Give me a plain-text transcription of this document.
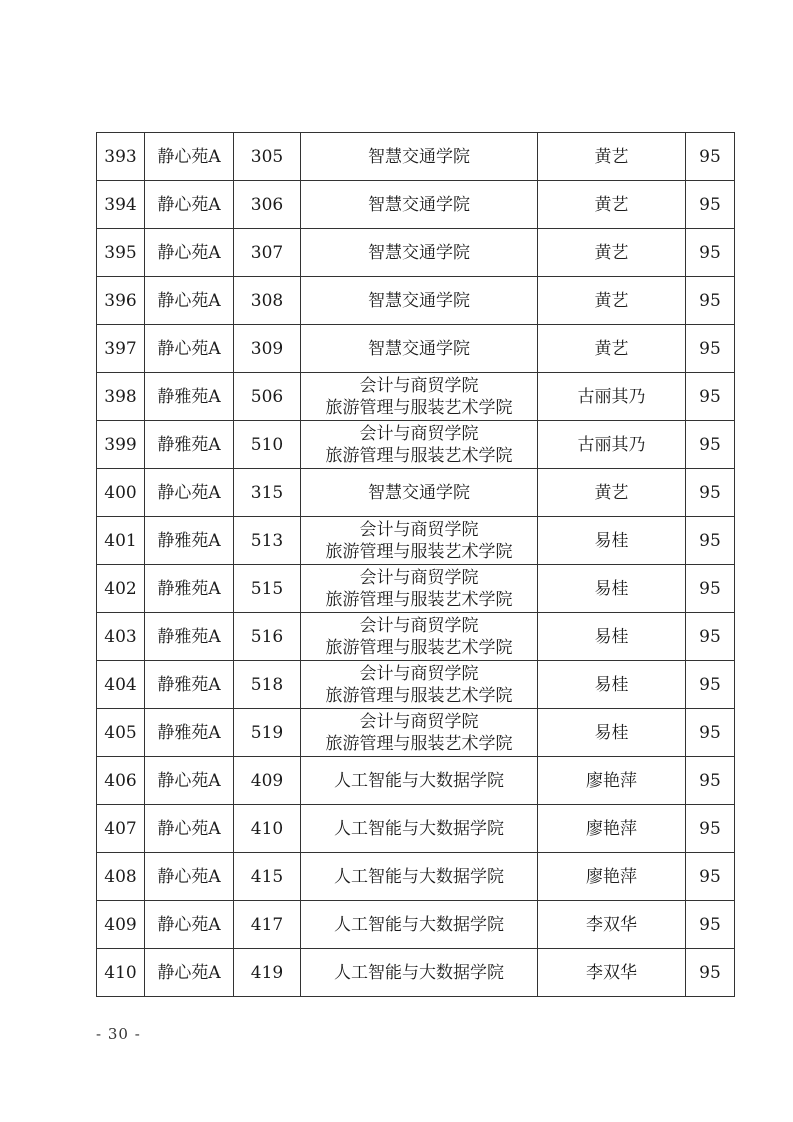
393	静心苑A	305	智慧交通学院	黄艺	95
394	静心苑A	306	智慧交通学院	黄艺	95
395	静心苑A	307	智慧交通学院	黄艺	95
396	静心苑A	308	智慧交通学院	黄艺	95
397	静心苑A	309	智慧交通学院	黄艺	95
398	静雅苑A	506	会计与商贸学院
旅游管理与服装艺术学院	古丽其乃	95
399	静雅苑A	510	会计与商贸学院
旅游管理与服装艺术学院	古丽其乃	95
400	静心苑A	315	智慧交通学院	黄艺	95
401	静雅苑A	513	会计与商贸学院
旅游管理与服装艺术学院	易桂	95
402	静雅苑A	515	会计与商贸学院
旅游管理与服装艺术学院	易桂	95
403	静雅苑A	516	会计与商贸学院
旅游管理与服装艺术学院	易桂	95
404	静雅苑A	518	会计与商贸学院
旅游管理与服装艺术学院	易桂	95
405	静雅苑A	519	会计与商贸学院
旅游管理与服装艺术学院	易桂	95
406	静心苑A	409	人工智能与大数据学院	廖艳萍	95
407	静心苑A	410	人工智能与大数据学院	廖艳萍	95
408	静心苑A	415	人工智能与大数据学院	廖艳萍	95
409	静心苑A	417	人工智能与大数据学院	李双华	95
410	静心苑A	419	人工智能与大数据学院	李双华	95
- 30 -
